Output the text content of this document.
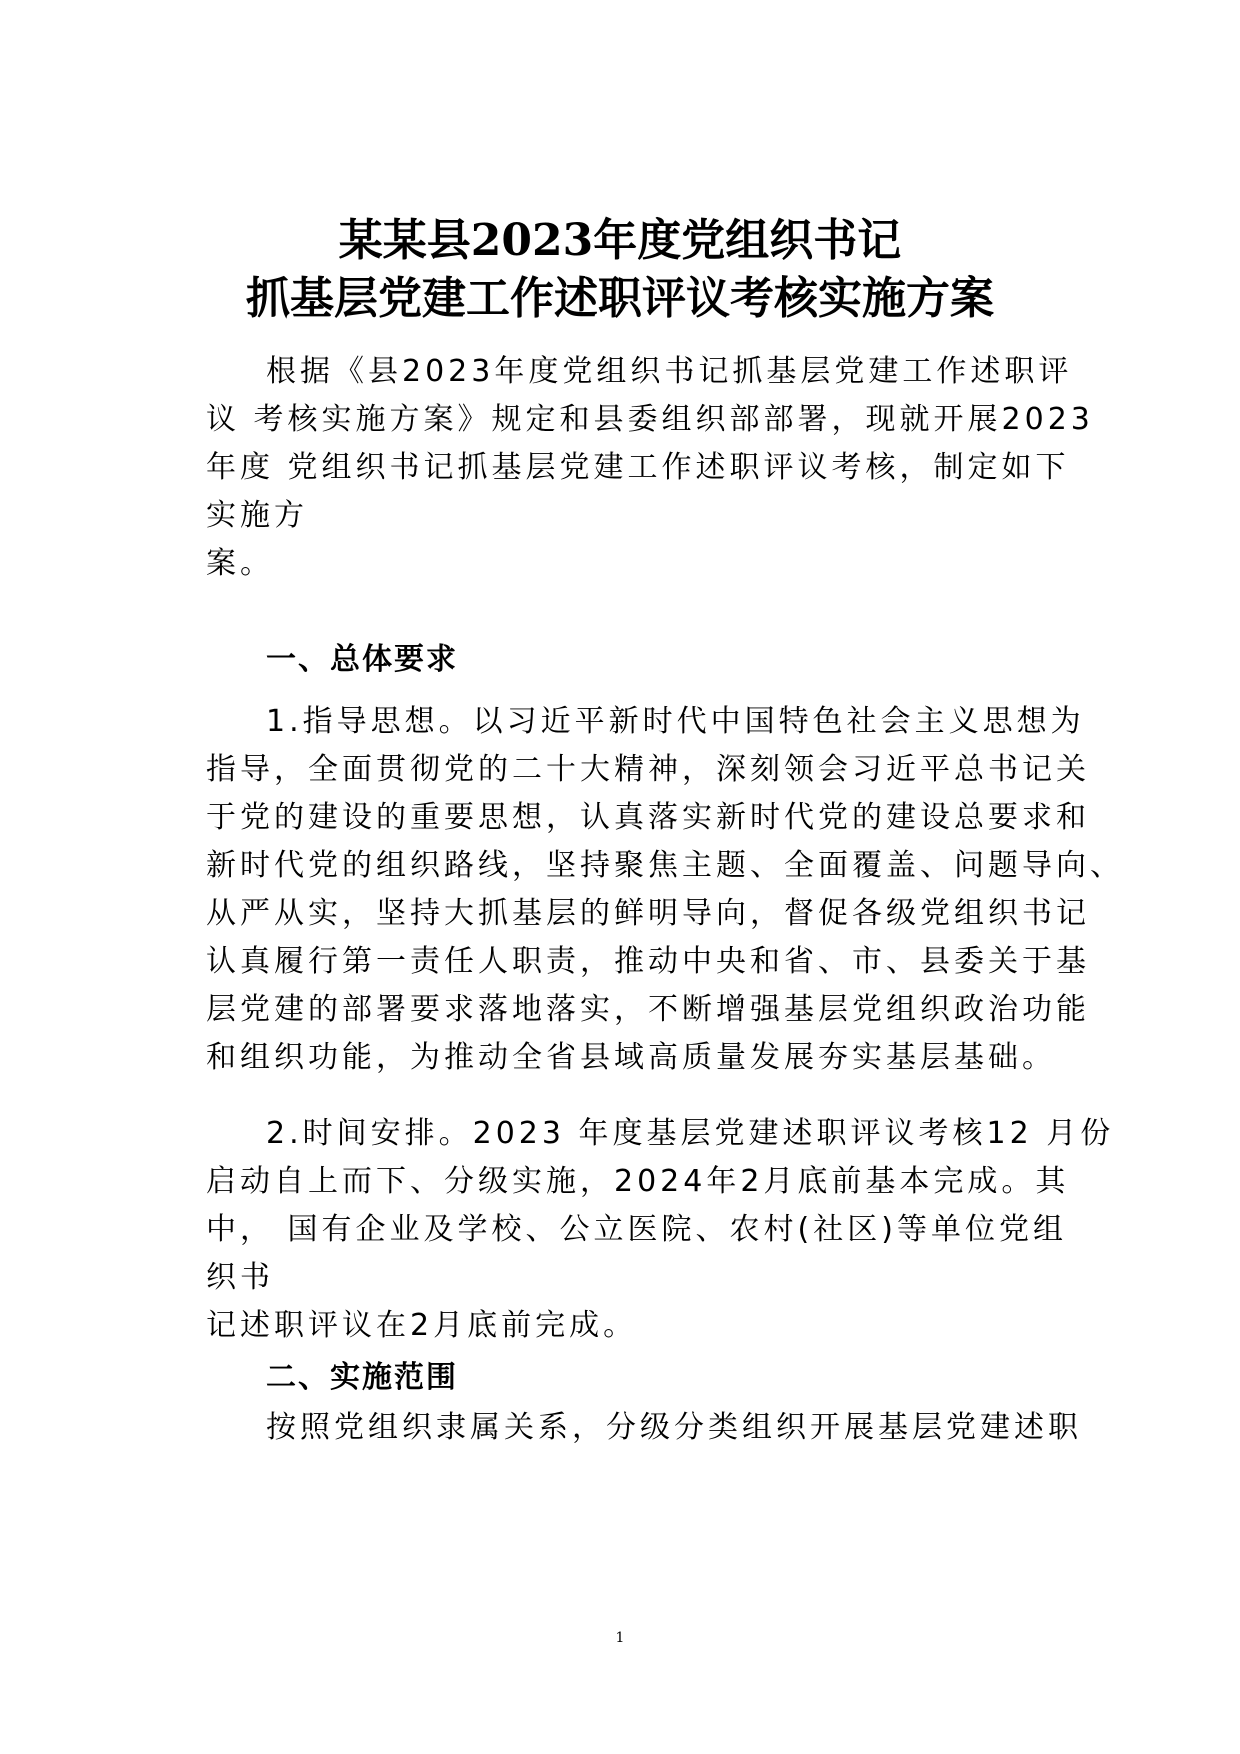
某某县2023年度党组织书记
抓基层党建工作述职评议考核实施方案
根据《县2023年度党组织书记抓基层党建工作述职评
议 考核实施方案》规定和县委组织部部署，现就开展2023
年度 党组织书记抓基层党建工作述职评议考核，制定如下
实施方
案。
一、总体要求
1.指导思想。以习近平新时代中国特色社会主义思想为
指导，全面贯彻党的二十大精神，深刻领会习近平总书记关
于党的建设的重要思想，认真落实新时代党的建设总要求和
新时代党的组织路线，坚持聚焦主题、全面覆盖、问题导向、
从严从实，坚持大抓基层的鲜明导向，督促各级党组织书记
认真履行第一责任人职责，推动中央和省、市、县委关于基
层党建的部署要求落地落实，不断增强基层党组织政治功能
和组织功能，为推动全省县域高质量发展夯实基层基础。
2.时间安排。2023 年度基层党建述职评议考核12 月份
启动自上而下、分级实施，2024年2月底前基本完成。其
中， 国有企业及学校、公立医院、农村(社区)等单位党组
织书
记述职评议在2月底前完成。
二、实施范围
按照党组织隶属关系，分级分类组织开展基层党建述职
1
